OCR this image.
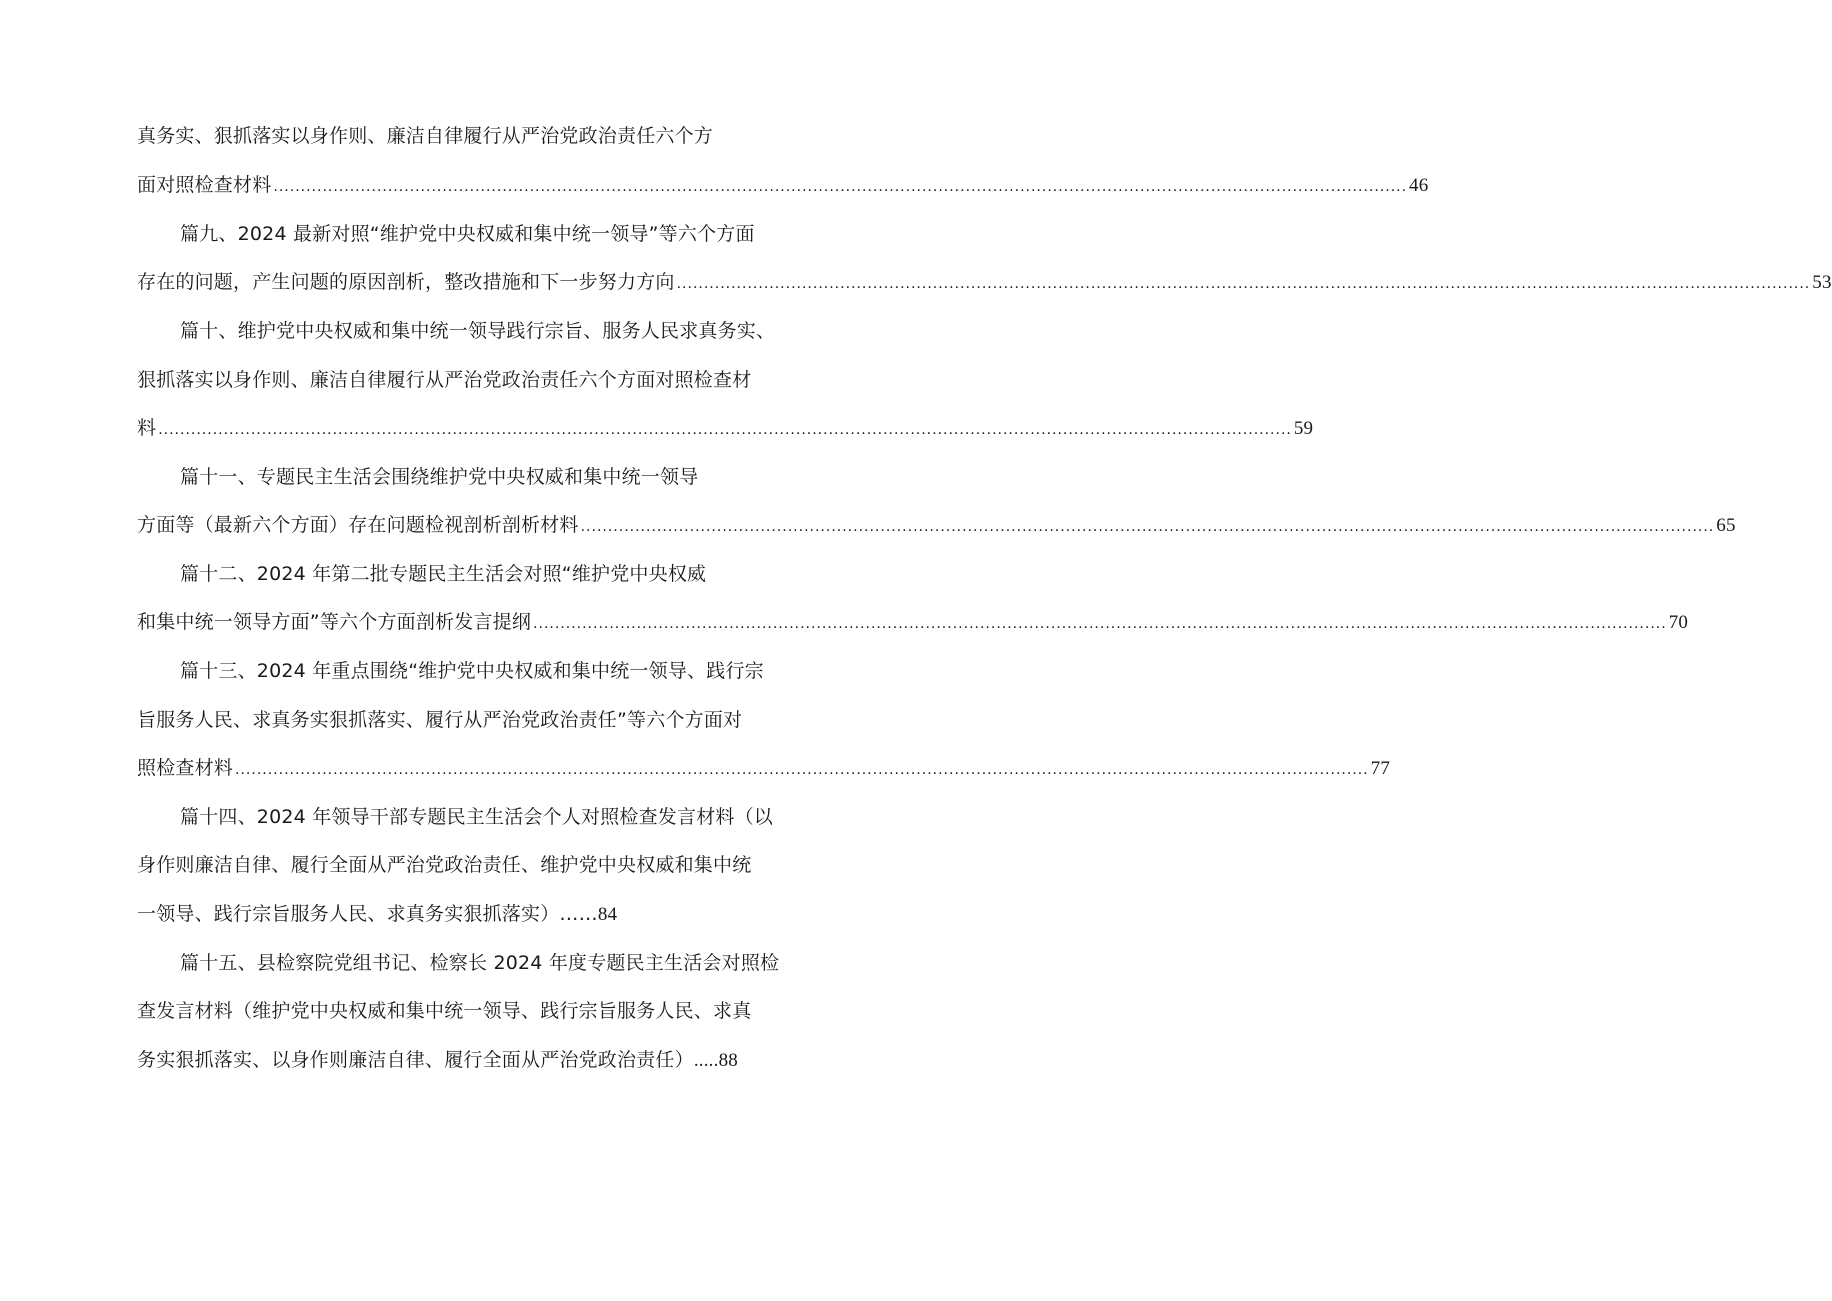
真务实、狠抓落实以身作则、廉洁自律履行从严治党政治责任六个方
面对照检查材料 ................................................................................................................................................................................................................ 46
篇九、2024 最新对照“维护党中央权威和集中统一领导”等六个方面
存在的问题，产生问题的原因剖析，整改措施和下一步努力方向 ................................................................................................................................................................................................................ 53
篇十、维护党中央权威和集中统一领导践行宗旨、服务人民求真务实、
狠抓落实以身作则、廉洁自律履行从严治党政治责任六个方面对照检查材
料 ................................................................................................................................................................................................................ 59
篇十一、专题民主生活会围绕维护党中央权威和集中统一领导
方面等（最新六个方面）存在问题检视剖析剖析材料 ................................................................................................................................................................................................................ 65
篇十二、2024 年第二批专题民主生活会对照“维护党中央权威
和集中统一领导方面”等六个方面剖析发言提纲 ................................................................................................................................................................................................................ 70
篇十三、2024 年重点围绕“维护党中央权威和集中统一领导、践行宗
旨服务人民、求真务实狠抓落实、履行从严治党政治责任”等六个方面对
照检查材料 ................................................................................................................................................................................................................ 77
篇十四、2024 年领导干部专题民主生活会个人对照检查发言材料（以
身作则廉洁自律、履行全面从严治党政治责任、维护党中央权威和集中统
一领导、践行宗旨服务人民、求真务实狠抓落实）……84
篇十五、县检察院党组书记、检察长 2024 年度专题民主生活会对照检
查发言材料（维护党中央权威和集中统一领导、践行宗旨服务人民、求真
务实狠抓落实、以身作则廉洁自律、履行全面从严治党政治责任）.....88
